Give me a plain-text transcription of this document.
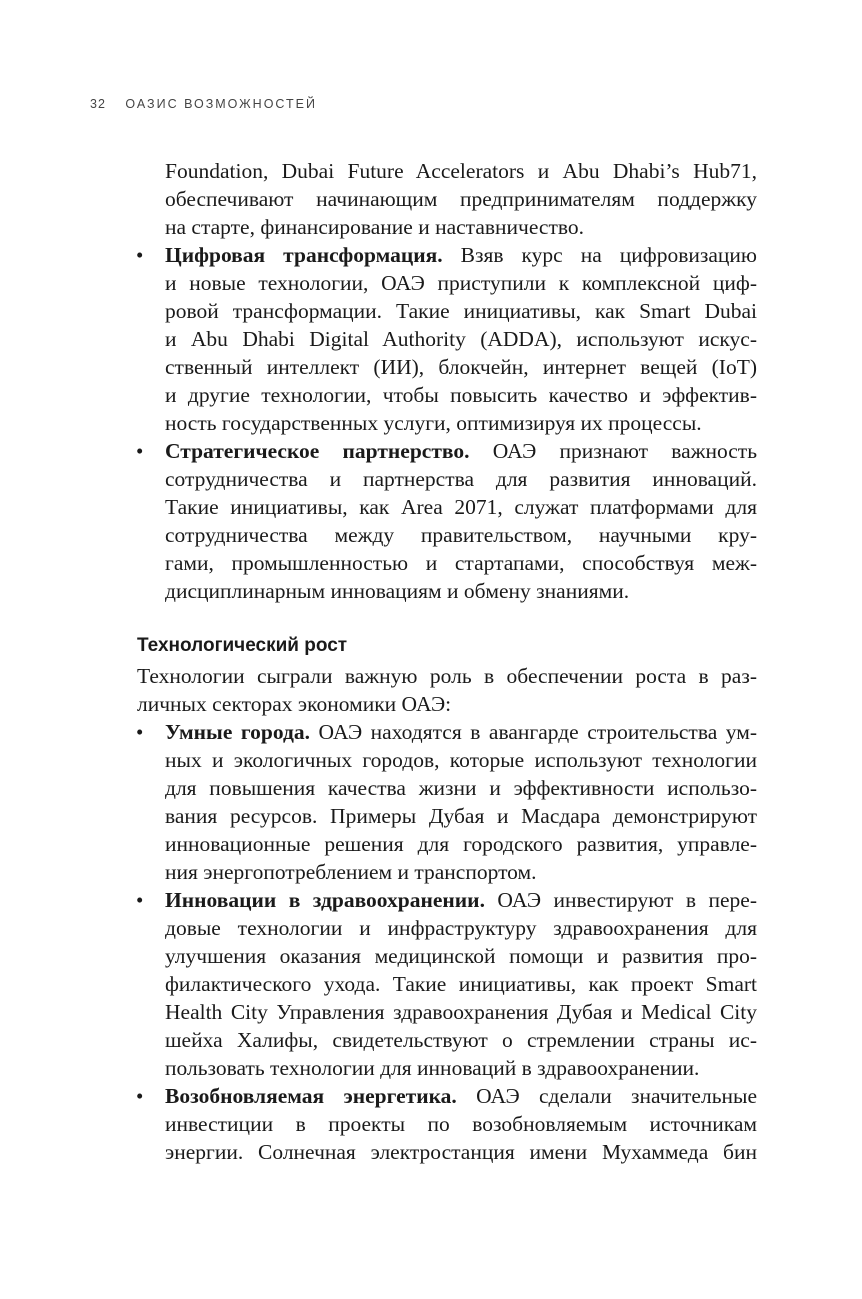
32 ОАЗИС ВОЗМОЖНОСТЕЙ
Foundation, Dubai Future Accelerators и Abu Dhabi’s Hub71,
обеспечивают начинающим предпринимателям поддержку
на старте, финансирование и наставничество.
• Цифровая трансформация. Взяв курс на цифровизацию
и новые технологии, ОАЭ приступили к комплексной циф-
ровой трансформации. Такие инициативы, как Smart Dubai
и Abu Dhabi Digital Authority (ADDA), используют искус-
ственный интеллект (ИИ), блокчейн, интернет вещей (IoT)
и другие технологии, чтобы повысить качество и эффектив-
ность государственных услуги, оптимизируя их процессы.
• Стратегическое партнерство. ОАЭ признают важность
сотрудничества и партнерства для развития инноваций.
Такие инициативы, как Area 2071, служат платформами для
сотрудничества между правительством, научными кру-
гами, промышленностью и стартапами, способствуя меж-
дисциплинарным инновациям и обмену знаниями.
Технологический рост
Технологии сыграли важную роль в обеспечении роста в раз-
личных секторах экономики ОАЭ:
• Умные города. ОАЭ находятся в авангарде строительства ум-
ных и экологичных городов, которые используют технологии
для повышения качества жизни и эффективности использо-
вания ресурсов. Примеры Дубая и Масдара демонстрируют
инновационные решения для городского развития, управле-
ния энергопотреблением и транспортом.
• Инновации в здравоохранении. ОАЭ инвестируют в пере-
довые технологии и инфраструктуру здравоохранения для
улучшения оказания медицинской помощи и развития про-
филактического ухода. Такие инициативы, как проект Smart
Health City Управления здравоохранения Дубая и Medical City
шейха Халифы, свидетельствуют о стремлении страны ис-
пользовать технологии для инноваций в здравоохранении.
• Возобновляемая энергетика. ОАЭ сделали значительные
инвестиции в проекты по возобновляемым источникам
энергии. Солнечная электростанция имени Мухаммеда бин
